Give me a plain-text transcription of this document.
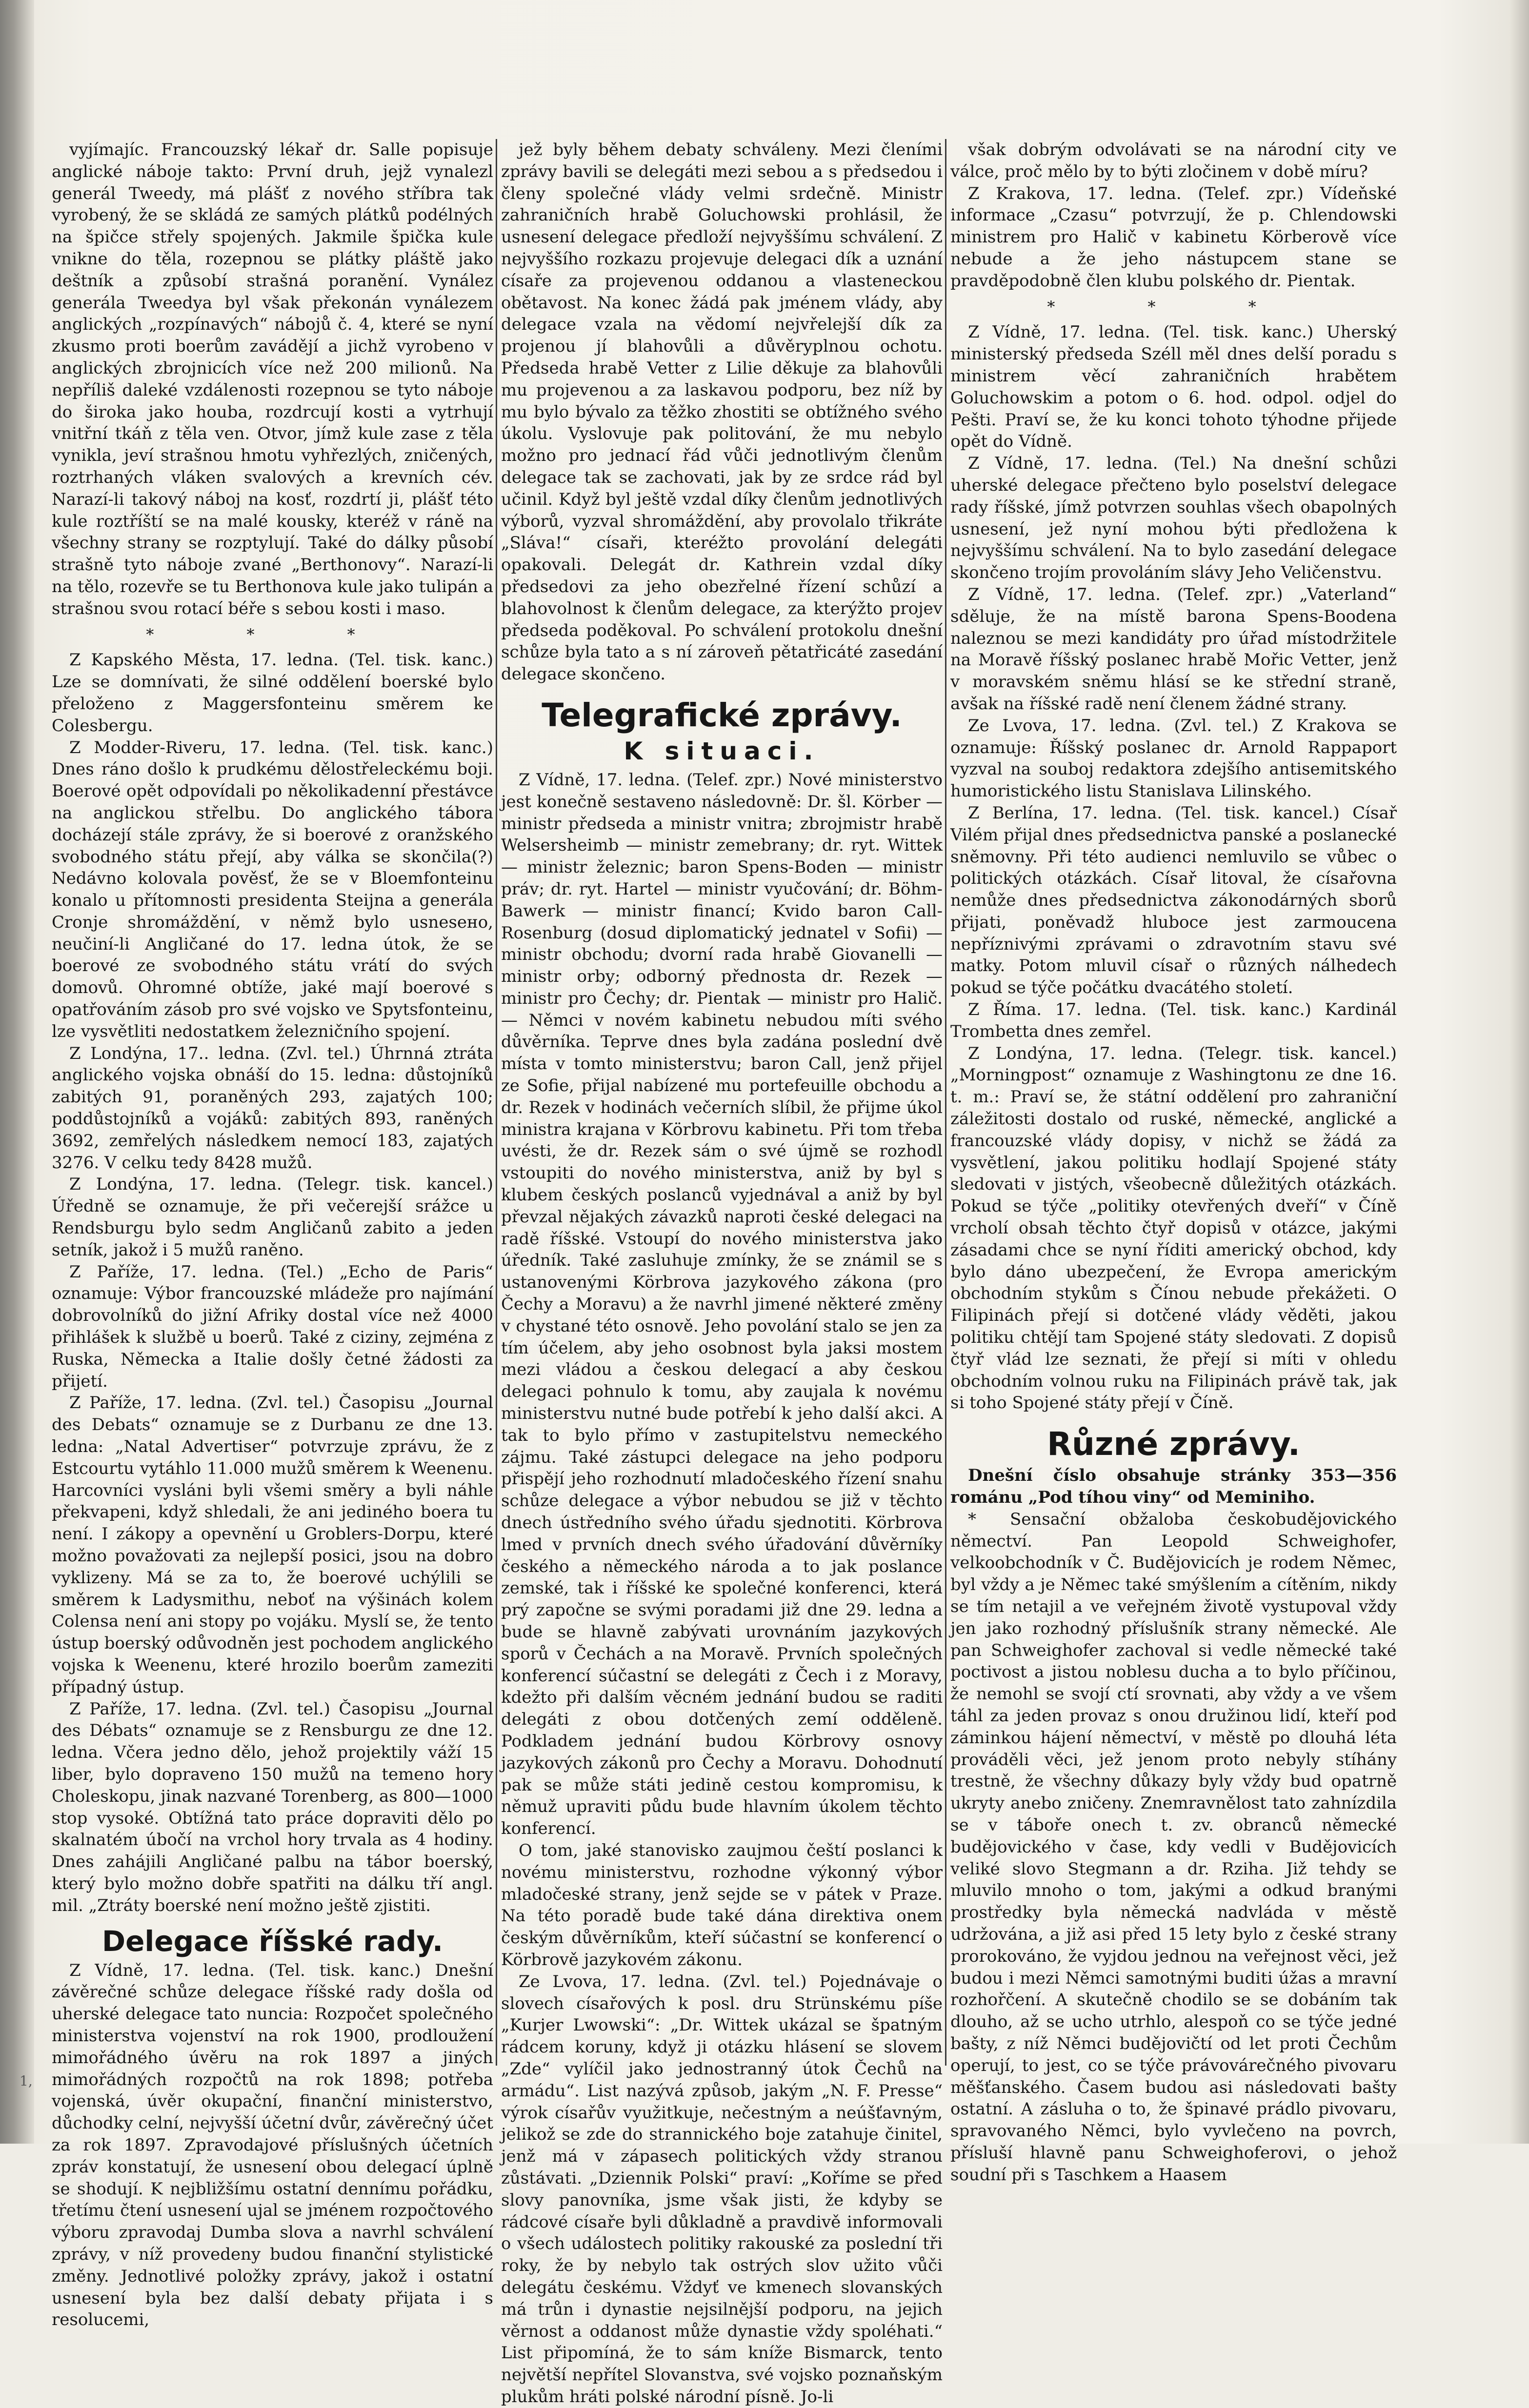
vyjímajíc. Francouzský lékař dr. Salle popisuje anglické náboje takto: První druh, jejž vynalezl generál Tweedy, má plášť z nového stříbra tak vyrobený, že se skládá ze samých plátků podélných na špičce střely spojených. Jakmile špička kule vnikne do těla, rozepnou se plátky pláště jako deštník a způsobí strašná poranění. Vynález generála Tweedya byl však překonán vynálezem anglických „rozpínavých“ nábojů č. 4, které se nyní zkusmo proti boerům zavádějí a jichž vyrobeno v anglických zbrojnicích více než 200 milionů. Na nepříliš daleké vzdálenosti rozepnou se tyto náboje do široka jako houba, rozdrcují kosti a vytrhují vnitřní tkáň z těla ven. Otvor, jímž kule zase z těla vynikla, jeví strašnou hmotu vyhřezlých, zničených, roztrhaných vláken svalových a krevních cév. Narazí-li takový náboj na kosť, rozdrtí ji, plášť této kule roztříští se na malé kousky, kteréž v ráně na všechny strany se rozptylují. Také do dálky působí strašně tyto náboje zvané „Berthonovy“. Narazí-li na tělo, rozevře se tu Berthonova kule jako tulipán a strašnou svou rotací béře s sebou kosti i maso.

* * *

Z Kapského Města, 17. ledna. (Tel. tisk. kanc.) Lze se domnívati, že silné oddělení boerské bylo přeloženo z Maggersfonteinu směrem ke Colesbergu.

Z Modder-Riveru, 17. ledna. (Tel. tisk. kanc.) Dnes ráno došlo k prudkému dělostřeleckému boji. Boerové opět odpovídali po několikadenní přestávce na anglickou střelbu. Do anglického tábora docházejí stále zprávy, že si boerové z oranžského svobodného státu přejí, aby válka se skončila(?) Nedávno kolovala pověsť, že se v Bloemfonteinu konalo u přítomnosti presidenta Steijna a generála Cronje shromáždění, v němž bylo usnesено, neučiní-li Angličané do 17. ledna útok, že se boerové ze svobodného státu vrátí do svých domovů. Ohromné obtíže, jaké mají boerové s opatřováním zásob pro své vojsko ve Spytsfonteinu, lze vysvětliti nedostatkem železničního spojení.

Z Londýna, 17.. ledna. (Zvl. tel.) Úhrnná ztráta anglického vojska obnáší do 15. ledna: důstojníků zabitých 91, poraněných 293, zajatých 100; poddůstojníků a vojáků: zabitých 893, raněných 3692, zemřelých následkem nemocí 183, zajatých 3276. V celku tedy 8428 mužů.

Z Londýna, 17. ledna. (Telegr. tisk. kancel.) Úředně se oznamuje, že při večerejší srážce u Rendsburgu bylo sedm Angličanů zabito a jeden setník, jakož i 5 mužů raněno.

Z Paříže, 17. ledna. (Tel.) „Echo de Paris“ oznamuje: Výbor francouzské mládeže pro najímání dobrovolníků do jižní Afriky dostal více než 4000 přihlášek k službě u boerů. Také z ciziny, zejména z Ruska, Německa a Italie došly četné žádosti za přijetí.

Z Paříže, 17. ledna. (Zvl. tel.) Časopisu „Journal des Debats“ oznamuje se z Durbanu ze dne 13. ledna: „Natal Advertiser“ potvrzuje zprávu, že z Estcourtu vytáhlo 11.000 mužů směrem k Weenenu. Harcovníci vysláni byli všemi směry a byli náhle překvapeni, když shledali, že ani jediného boera tu není. I zákopy a opevnění u Groblers-Dorpu, které možno považovati za nejlepší posici, jsou na dobro vyklizeny. Má se za to, že boerové uchýlili se směrem k Ladysmithu, neboť na výšinách kolem Colensa není ani stopy po vojáku. Myslí se, že tento ústup boerský odůvodněn jest pochodem anglického vojska k Weenenu, které hrozilo boerům zameziti případný ústup.

Z Paříže, 17. ledna. (Zvl. tel.) Časopisu „Journal des Débats“ oznamuje se z Rensburgu ze dne 12. ledna. Včera jedno dělo, jehož projektily váží 15 liber, bylo dopraveno 150 mužů na temeno hory Choleskopu, jinak nazvané Torenberg, as 800—1000 stop vysoké. Obtížná tato práce dopraviti dělo po skalnatém úbočí na vrchol hory trvala as 4 hodiny. Dnes zahájili Angličané palbu na tábor boerský, který bylo možno dobře spatřiti na dálku tří angl. mil. „Ztráty boerské není možno ještě zjistiti.

Delegace říšské rady.

Z Vídně, 17. ledna. (Tel. tisk. kanc.) Dnešní závěrečné schůze delegace říšské rady došla od uherské delegace tato nuncia: Rozpočet společného ministerstva vojenství na rok 1900, prodloužení mimořádného úvěru na rok 1897 a jiných mimořádných rozpočtů na rok 1898; potřeba vojenská, úvěr okupační, finanční ministerstvo, důchodky celní, nejvyšší účetní dvůr, závěrečný účet za rok 1897. Zpravodajové příslušných účetních zpráv konstatují, že usnesení obou delegací úplně se shodují. K nejbližšímu ostatní dennímu pořádku, třetímu čtení usnesení ujal se jménem rozpočtového výboru zpravodaj Dumba slova a navrhl schválení zprávy, v níž provedeny budou finanční stylistické změny. Jednotlivé položky zprávy, jakož i ostatní usnesení byla bez další debaty přijata i s resolucemi,

jež byly během debaty schváleny. Mezi členími zprávy bavili se delegáti mezi sebou a s předsedou i členy společné vlády velmi srdečně. Ministr zahraničních hrabě Goluchowski prohlásil, že usnesení delegace předloží nejvyššímu schválení. Z nejvyššího rozkazu projevuje delegaci dík a uznání císaře za projevenou oddanou a vlasteneckou obětavost. Na konec žádá pak jménem vlády, aby delegace vzala na vědomí nejvřelejší dík za projenou jí blahovůli a důvěryplnou ochotu. Předseda hrabě Vetter z Lilie děkuje za blahovůli mu projevenou a za laskavou podporu, bez níž by mu bylo bývalo za těžko zhostiti se obtížného svého úkolu. Vyslovuje pak politování, že mu nebylo možno pro jednací řád vůči jednotlivým členům delegace tak se zachovati, jak by ze srdce rád byl učinil. Když byl ještě vzdal díky členům jednotlivých výborů, vyzval shromáždění, aby provolalo třikráte „Sláva!“ císaři, kteréžto provolání delegáti opakovali. Delegát dr. Kathrein vzdal díky předsedovi za jeho obezřelné řízení schůzí a blahovolnost k členům delegace, za kterýžto projev předseda poděkoval. Po schválení protokolu dnešní schůze byla tato a s ní zároveň pětatřicáté zasedání delegace skončeno.

Telegrafické zprávy.

K situaci.

Z Vídně, 17. ledna. (Telef. zpr.) Nové ministerstvo jest konečně sestaveno následovně: Dr. šl. Körber — ministr předseda a ministr vnitra; zbrojmistr hrabě Welsersheimb — ministr zemebrany; dr. ryt. Wittek — ministr železnic; baron Spens-Boden — ministr práv; dr. ryt. Hartel — ministr vyučování; dr. Böhm-Bawerk — ministr financí; Kvido baron Call-Rosenburg (dosud diplomatický jednatel v Sofii) — ministr obchodu; dvorní rada hrabě Giovanelli — ministr orby; odborný přednosta dr. Rezek — ministr pro Čechy; dr. Pientak — ministr pro Halič. — Němci v novém kabinetu nebudou míti svého důvěrníka. Teprve dnes byla zadána poslední dvě místa v tomto ministerstvu; baron Call, jenž přijel ze Sofie, přijal nabízené mu portefeuille obchodu a dr. Rezek v hodinách večerních slíbil, že přijme úkol ministra krajana v Körbrovu kabinetu. Při tom třeba uvésti, že dr. Rezek sám o své újmě se rozhodl vstoupiti do nového ministerstva, aniž by byl s klubem českých poslanců vyjednával a aniž by byl převzal nějakých závazků naproti české delegaci na radě říšské. Vstoupí do nového ministerstva jako úředník. Také zasluhuje zmínky, že se známil se s ustanovenými Körbrova jazykového zákona (pro Čechy a Moravu) a že navrhl jimené některé změny v chystané této osnově. Jeho povolání stalo se jen za tím účelem, aby jeho osobnost byla jaksi mostem mezi vládou a českou delegací a aby českou delegaci pohnulo k tomu, aby zaujala k novému ministerstvu nutné bude potřebí k jeho další akci. A tak to bylo přímo v zastupitelstvu nemeckého zájmu. Také zástupci delegace na jeho podporu přispějí jeho rozhodnutí mladočeského řízení snahu schůze delegace a výbor nebudou se již v těchto dnech ústředního svého úřadu sjednotiti. Körbrova lmed v prvních dnech svého úřadování důvěrníky českého a německého národa a to jak poslance zemské, tak i říšské ke společné konferenci, která prý započne se svými poradami již dne 29. ledna a bude se hlavně zabývati urovnáním jazykových sporů v Čechách a na Moravě. Prvních společných konferencí súčastní se delegáti z Čech i z Moravy, kdežto při dalším věcném jednání budou se raditi delegáti z obou dotčených zemí odděleně. Podkladem jednání budou Körbrovy osnovy jazykových zákonů pro Čechy a Moravu. Dohodnutí pak se může státi jedině cestou kompromisu, k němuž upraviti půdu bude hlavním úkolem těchto konferencí.

O tom, jaké stanovisko zaujmou čeští poslanci k novému ministerstvu, rozhodne výkonný výbor mladočeské strany, jenž sejde se v pátek v Praze. Na této poradě bude také dána direktiva onem českým důvěrníkům, kteří súčastní se konferencí o Körbrově jazykovém zákonu.

Ze Lvova, 17. ledna. (Zvl. tel.) Pojednávaje o slovech císařových k posl. dru Strünskému píše „Kurjer Lwowski“: „Dr. Wittek ukázal se špatným rádcem koruny, když ji otázku hlásení se slovem „Zde“ vylíčil jako jednostranný útok Čechů na armádu“. List nazývá způsob, jakým „N. F. Presse“ výrok císařův využitkuje, nečestným a neúšťavným, jelikož se zde do strannického boje zatahuje činitel, jenž má v zápasech politických vždy stranou zůstávati. „Dziennik Polski“ praví: „Koříme se před slovy panovníka, jsme však jisti, že kdyby se rádcové císaře byli důkladně a pravdivě informovali o všech událostech politiky rakouské za poslední tři roky, že by nebylo tak ostrých slov užito vůči delegátu českému. Vždyť ve kmenech slovanských má trůn i dynastie nejsilnější podporu, na jejich věrnost a oddanost může dynastie vždy spoléhati.“ List připomíná, že to sám kníže Bismarck, tento největší nepřítel Slovanstva, své vojsko poznaňským plukům hráti polské národní písně. Jo-li

však dobrým odvolávati se na národní city ve válce, proč mělo by to býti zločinem v době míru?

Z Krakova, 17. ledna. (Telef. zpr.) Vídeňské informace „Czasu“ potvrzují, že p. Chlendowski ministrem pro Halič v kabinetu Körberově více nebude a že jeho nástupcem stane se pravděpodobně člen klubu polského dr. Pientak.

* * *

Z Vídně, 17. ledna. (Tel. tisk. kanc.) Uherský ministerský předseda Széll měl dnes delší poradu s ministrem věcí zahraničních hrabětem Goluchowskim a potom o 6. hod. odpol. odjel do Pešti. Praví se, že ku konci tohoto týhodne přijede opět do Vídně.

Z Vídně, 17. ledna. (Tel.) Na dnešní schůzi uherské delegace přečteno bylo poselství delegace rady říšské, jímž potvrzen souhlas všech obapolných usnesení, jež nyní mohou býti předložena k nejvyššímu schválení. Na to bylo zasedání delegace skončeno trojím provoláním slávy Jeho Veličenstvu.

Z Vídně, 17. ledna. (Telef. zpr.) „Vaterland“ sděluje, že na místě barona Spens-Boodena naleznou se mezi kandidáty pro úřad místodržitele na Moravě říšský poslanec hrabě Mořic Vetter, jenž v moravském sněmu hlásí se ke střední straně, avšak na říšské radě není členem žádné strany.

Ze Lvova, 17. ledna. (Zvl. tel.) Z Krakova se oznamuje: Říšský poslanec dr. Arnold Rappaport vyzval na souboj redaktora zdejšího antisemitského humoristického listu Stanislava Lilinského.

Z Berlína, 17. ledna. (Tel. tisk. kancel.) Císař Vilém přijal dnes předsednictva panské a poslanecké sněmovny. Při této audienci nemluvilo se vůbec o politických otázkách. Císař litoval, že císařovna nemůže dnes předsednictva zákonodárných sborů přijati, poněvadž hluboce jest zarmoucena nepříznivými zprávami o zdravotním stavu své matky. Potom mluvil císař o různých nálhedech pokud se týče počátku dvacátého století.

Z Říma. 17. ledna. (Tel. tisk. kanc.) Kardinál Trombetta dnes zemřel.

Z Londýna, 17. ledna. (Telegr. tisk. kancel.) „Morningpost“ oznamuje z Washingtonu ze dne 16. t. m.: Praví se, že státní oddělení pro zahraniční záležitosti dostalo od ruské, německé, anglické a francouzské vlády dopisy, v nichž se žádá za vysvětlení, jakou politiku hodlají Spojené státy sledovati v jistých, všeobecně důležitých otázkách. Pokud se týče „politiky otevřených dveří“ v Číně vrcholí obsah těchto čtyř dopisů v otázce, jakými zásadami chce se nyní říditi americký obchod, kdy bylo dáno ubezpečení, že Evropa americkým obchodním stykům s Čínou nebude překážeti. O Filipinách přejí si dotčené vlády věděti, jakou politiku chtějí tam Spojené státy sledovati. Z dopisů čtyř vlád lze seznati, že přejí si míti v ohledu obchodním volnou ruku na Filipinách právě tak, jak si toho Spojené státy přejí v Číně.

Různé zprávy.

Dnešní číslo obsahuje stránky 353—356 románu „Pod tíhou viny“ od Meminiho.

* Sensační obžaloba českobudějovického němectví. Pan Leopold Schweighofer, velkoobchodník v Č. Budějovicích je rodem Němec, byl vždy a je Němec také smýšlením a cítěním, nikdy se tím netajil a ve veřejném životě vystupoval vždy jen jako rozhodný příslušník strany německé. Ale pan Schweighofer zachoval si vedle německé také poctivost a jistou noblesu ducha a to bylo příčinou, že nemohl se svojí ctí srovnati, aby vždy a ve všem táhl za jeden provaz s onou družinou lidí, kteří pod záminkou hájení němectví, v městě po dlouhá léta prováděli věci, jež jenom proto nebyly stíhány trestně, že všechny důkazy byly vždy bud opatrně ukryty anebo zničeny. Znemravnělost tato zahnízdila se v táboře onech t. zv. obranců německé budějovického v čase, kdy vedli v Budějovicích veliké slovo Stegmann a dr. Rziha. Již tehdy se mluvilo mnoho o tom, jakými a odkud branými prostředky byla německá nadvláda v městě udržována, a již asi před 15 lety bylo z české strany prorokováno, že vyjdou jednou na veřejnost věci, jež budou i mezi Němci samotnými buditi úžas a mravní rozhořčení. A skutečně chodilo se se dobáním tak dlouho, až se ucho utrhlo, alespoň co se týče jedné bašty, z níž Němci budějovičtí od let proti Čechům operují, to jest, co se týče právovárečného pivovaru měšťanského. Časem budou asi následovati bašty ostatní. A zásluha o to, že špinavé prádlo pivovaru, spravovaného Němci, bylo vyvlečeno na povrch, přísluší hlavně panu Schweighoferovi, o jehož soudní při s Taschkem a Haasem

1,
